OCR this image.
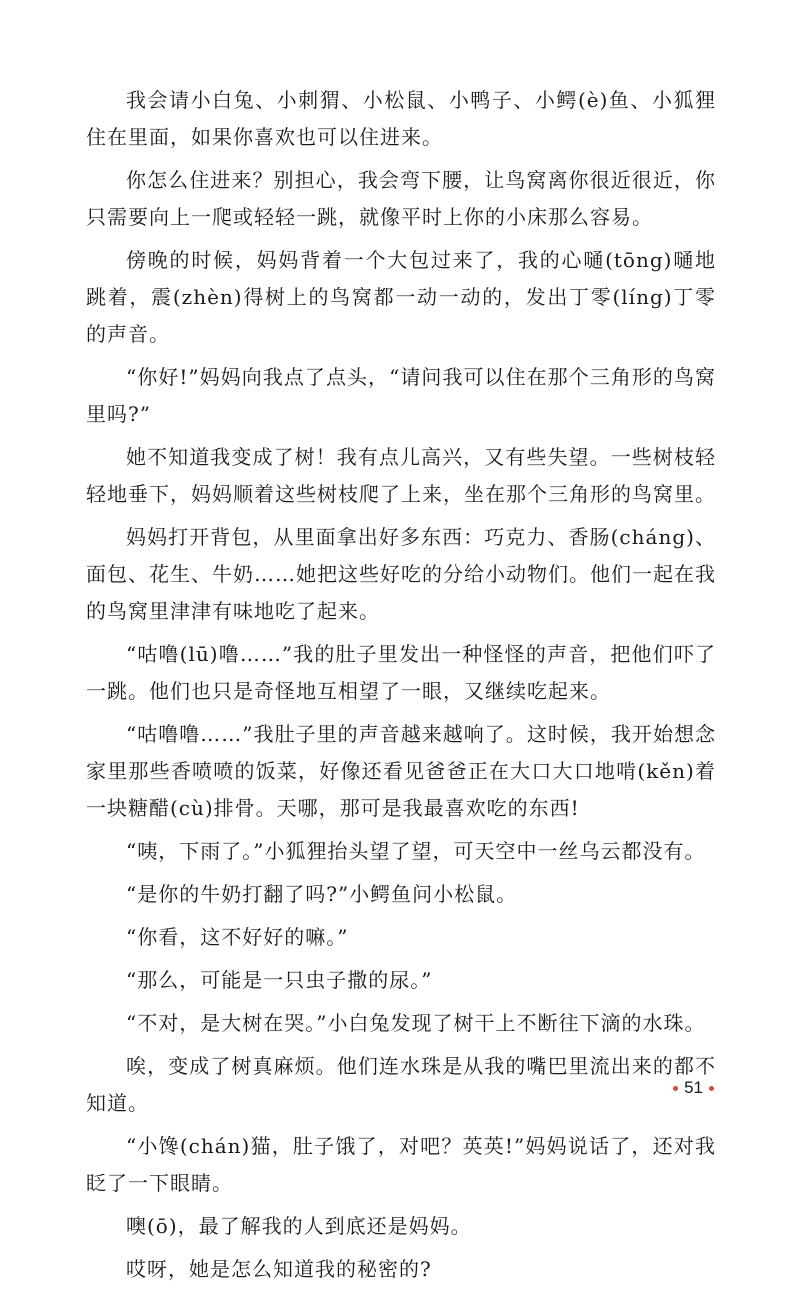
我会请小白兔、小刺猬、小松鼠、小鸭子、小鳄(è)鱼、小狐狸住在里面，如果你喜欢也可以住进来。

你怎么住进来？别担心，我会弯下腰，让鸟窝离你很近很近，你只需要向上一爬或轻轻一跳，就像平时上你的小床那么容易。

傍晚的时候，妈妈背着一个大包过来了，我的心嗵(tōng)嗵地跳着，震(zhèn)得树上的鸟窝都一动一动的，发出丁零(líng)丁零的声音。

“你好!”妈妈向我点了点头，“请问我可以住在那个三角形的鸟窝里吗?”

她不知道我变成了树！我有点儿高兴，又有些失望。一些树枝轻轻地垂下，妈妈顺着这些树枝爬了上来，坐在那个三角形的鸟窝里。

妈妈打开背包，从里面拿出好多东西：巧克力、香肠(cháng)、面包、花生、牛奶……她把这些好吃的分给小动物们。他们一起在我的鸟窝里津津有味地吃了起来。

“咕噜(lū)噜……”我的肚子里发出一种怪怪的声音，把他们吓了一跳。他们也只是奇怪地互相望了一眼，又继续吃起来。

“咕噜噜……”我肚子里的声音越来越响了。这时候，我开始想念家里那些香喷喷的饭菜，好像还看见爸爸正在大口大口地啃(kěn)着一块糖醋(cù)排骨。天哪，那可是我最喜欢吃的东西!

“咦，下雨了。”小狐狸抬头望了望，可天空中一丝乌云都没有。

“是你的牛奶打翻了吗?”小鳄鱼问小松鼠。

“你看，这不好好的嘛。”

“那么，可能是一只虫子撒的尿。”

“不对，是大树在哭。”小白兔发现了树干上不断往下滴的水珠。

唉，变成了树真麻烦。他们连水珠是从我的嘴巴里流出来的都不知道。

“小馋(chán)猫，肚子饿了，对吧？英英!”妈妈说话了，还对我眨了一下眼睛。

噢(ō)，最了解我的人到底还是妈妈。

哎呀，她是怎么知道我的秘密的?

51
